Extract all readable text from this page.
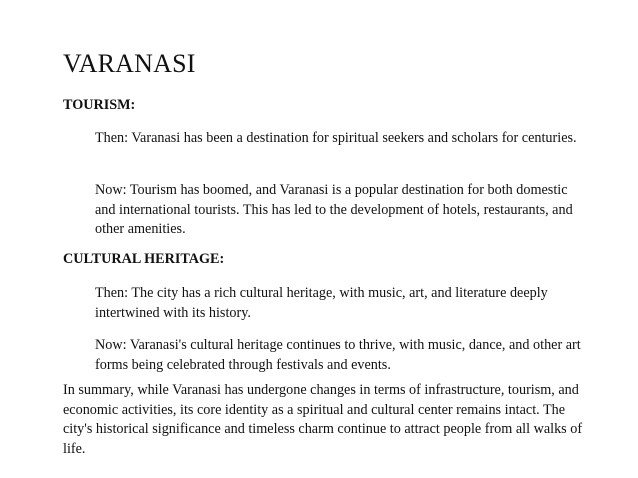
VARANASI
TOURISM:
Then: Varanasi has been a destination for spiritual seekers and scholars for centuries.
Now: Tourism has boomed, and Varanasi is a popular destination for both domestic and international tourists. This has led to the development of hotels, restaurants, and other amenities.
CULTURAL HERITAGE:
Then: The city has a rich cultural heritage, with music, art, and literature deeply intertwined with its history.
Now: Varanasi's cultural heritage continues to thrive, with music, dance, and other art forms being celebrated through festivals and events.
In summary, while Varanasi has undergone changes in terms of infrastructure, tourism, and economic activities, its core identity as a spiritual and cultural center remains intact. The city's historical significance and timeless charm continue to attract people from all walks of life.
